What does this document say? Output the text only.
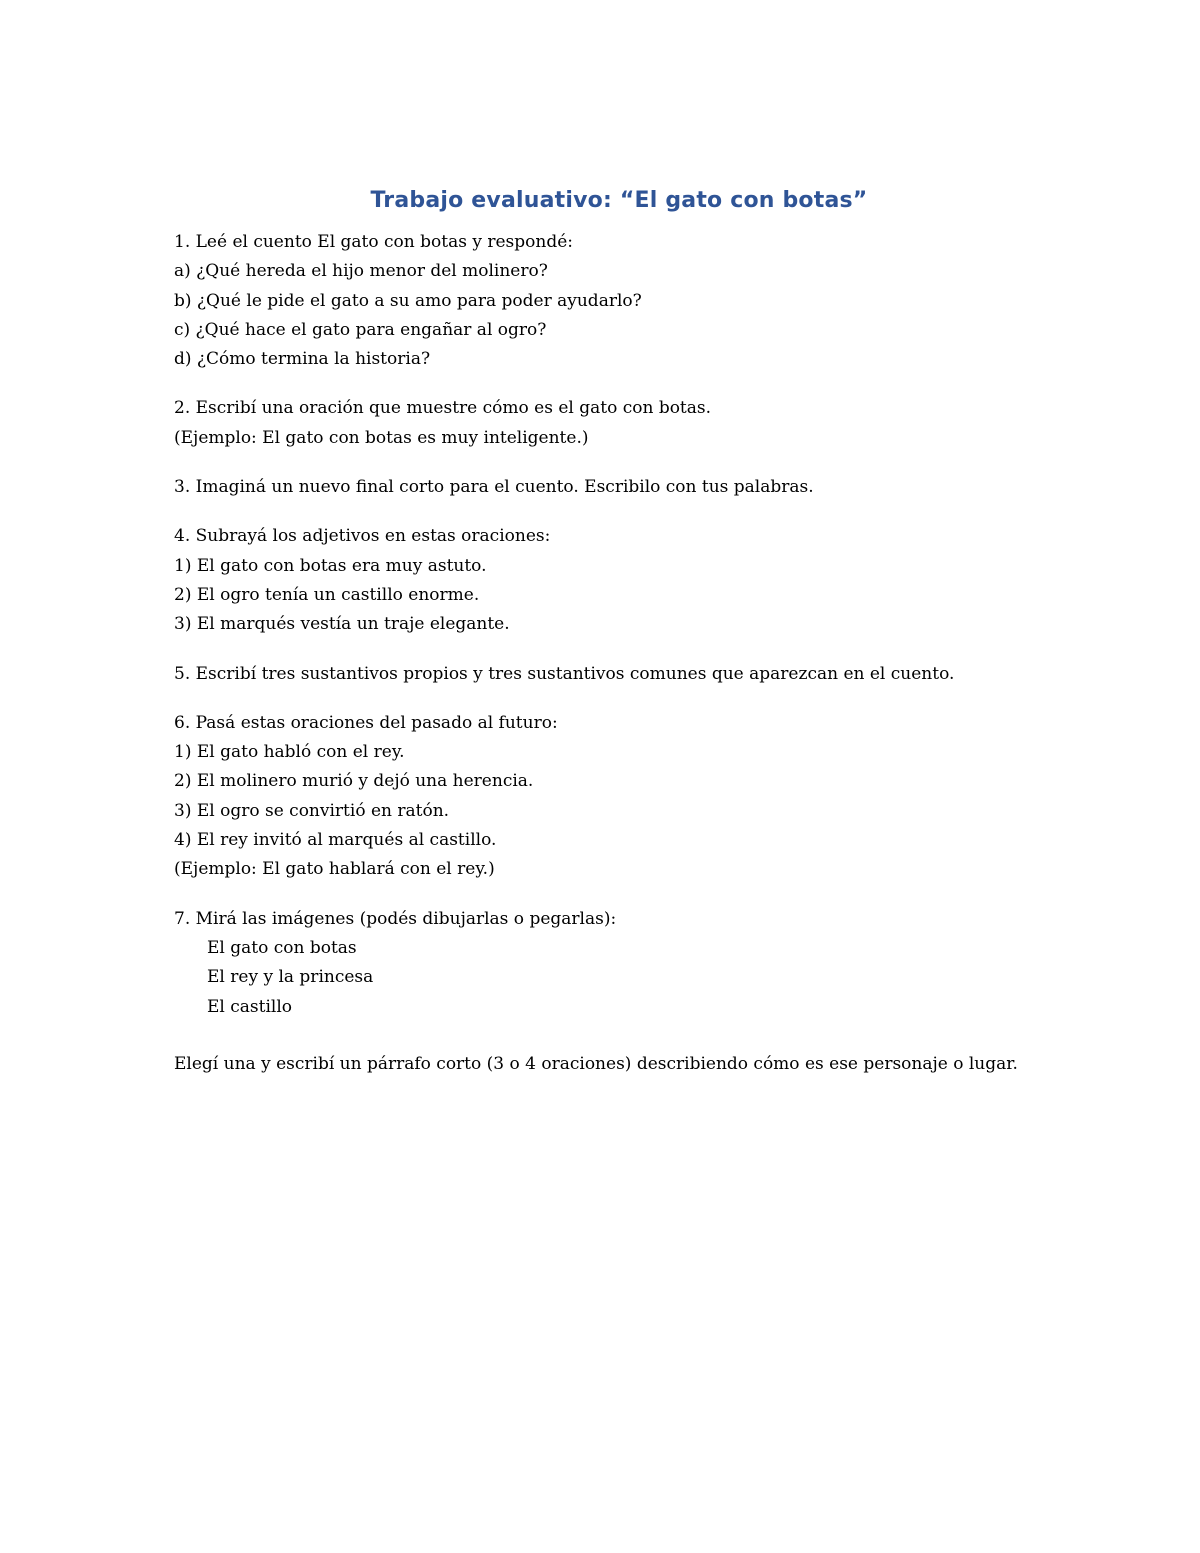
Trabajo evaluativo: “El gato con botas”
1. Leé el cuento El gato con botas y respondé:
a) ¿Qué hereda el hijo menor del molinero?
b) ¿Qué le pide el gato a su amo para poder ayudarlo?
c) ¿Qué hace el gato para engañar al ogro?
d) ¿Cómo termina la historia?
2. Escribí una oración que muestre cómo es el gato con botas.
(Ejemplo: El gato con botas es muy inteligente.)
3. Imaginá un nuevo final corto para el cuento. Escribilo con tus palabras.
4. Subrayá los adjetivos en estas oraciones:
1) El gato con botas era muy astuto.
2) El ogro tenía un castillo enorme.
3) El marqués vestía un traje elegante.
5. Escribí tres sustantivos propios y tres sustantivos comunes que aparezcan en el cuento.
6. Pasá estas oraciones del pasado al futuro:
1) El gato habló con el rey.
2) El molinero murió y dejó una herencia.
3) El ogro se convirtió en ratón.
4) El rey invitó al marqués al castillo.
(Ejemplo: El gato hablará con el rey.)
7. Mirá las imágenes (podés dibujarlas o pegarlas):
El gato con botas
El rey y la princesa
El castillo
Elegí una y escribí un párrafo corto (3 o 4 oraciones) describiendo cómo es ese personaje o lugar.
